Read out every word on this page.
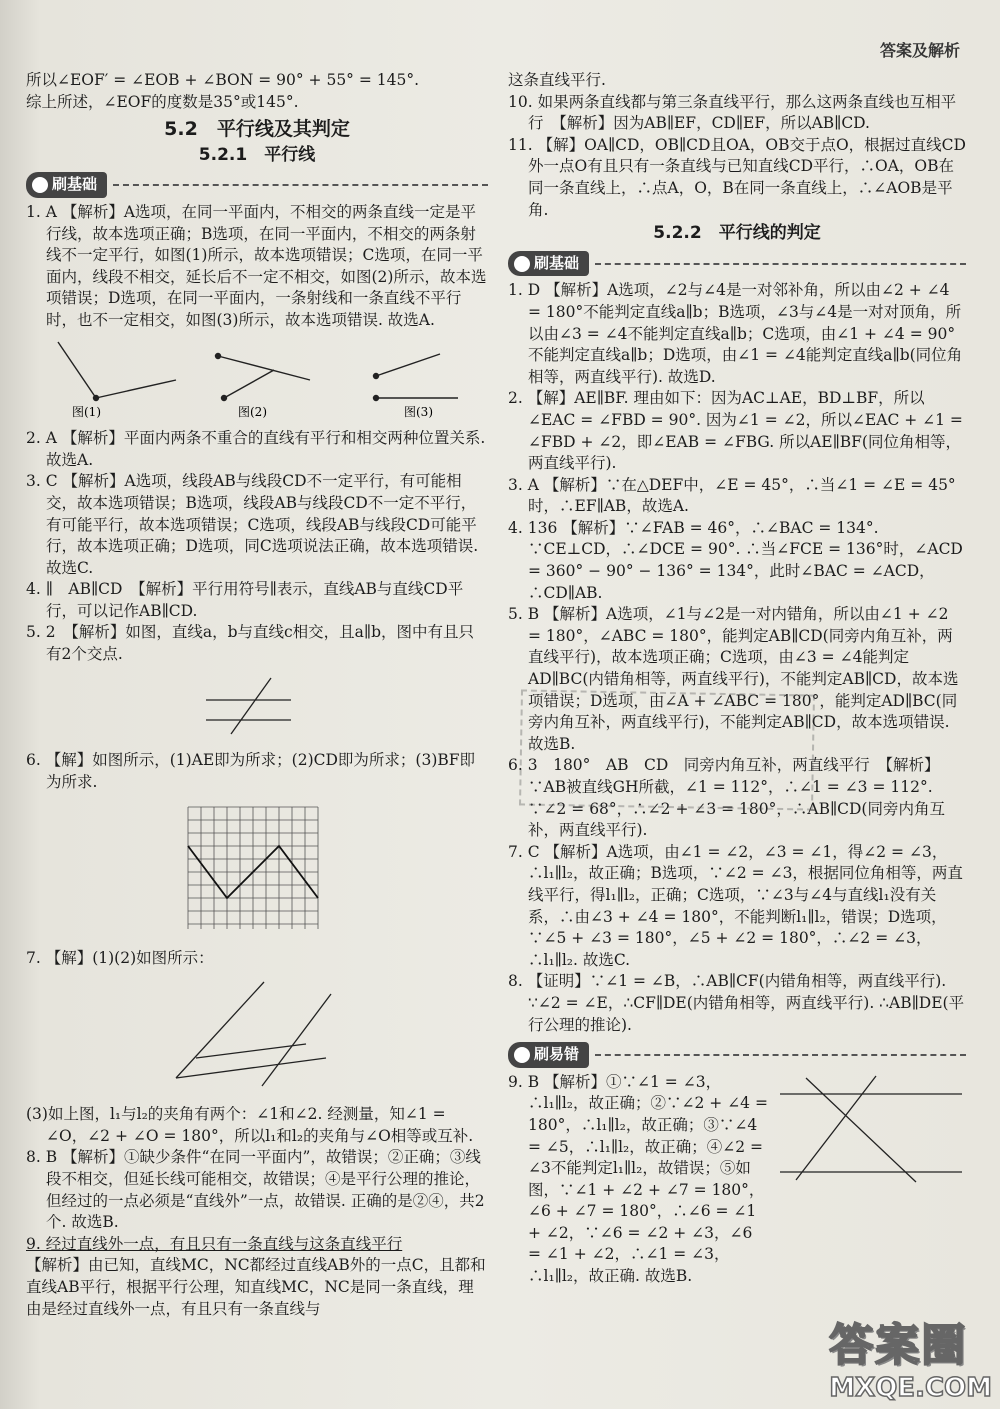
答案及解析

所以∠EOF′ = ∠EOB + ∠BON = 90° + 55° = 145°.

综上所述，∠EOF的度数是35°或145°.

5.2　平行线及其判定
5.2.1　平行线
刷基础

1. A 【解析】A选项，在同一平面内，不相交的两条直线一定是平行线，故本选项正确；B选项，在同一平面内，不相交的两条射线不一定平行，如图(1)所示，故本选项错误；C选项，在同一平面内，线段不相交，延长后不一定不相交，如图(2)所示，故本选项错误；D选项，在同一平面内，一条射线和一条直线不平行时，也不一定相交，如图(3)所示，故本选项错误. 故选A.

图(1)	图(2)	图(3)

2. A 【解析】平面内两条不重合的直线有平行和相交两种位置关系. 故选A.

3. C 【解析】A选项，线段AB与线段CD不一定平行，有可能相交，故本选项错误；B选项，线段AB与线段CD不一定不平行，有可能平行，故本选项错误；C选项，线段AB与线段CD可能平行，故本选项正确；D选项，同C选项说法正确，故本选项错误. 故选C.

4. ∥　AB∥CD　【解析】平行用符号∥表示，直线AB与直线CD平行，可以记作AB∥CD.

5. 2　【解析】如图，直线a，b与直线c相交，且a∥b，图中有且只有2个交点.

6. 【解】如图所示，(1)AE即为所求；(2)CD即为所求；(3)BF即为所求.

7. 【解】(1)(2)如图所示：

(3)如上图，l₁与l₂的夹角有两个：∠1和∠2. 经测量，知∠1 = ∠O，∠2 + ∠O = 180°，所以l₁和l₂的夹角与∠O相等或互补.

8. B 【解析】①缺少条件“在同一平面内”，故错误；②正确；③线段不相交，但延长线可能相交，故错误；④是平行公理的推论，但经过的一点必须是“直线外”一点，故错误. 正确的是②④，共2个. 故选B.

9. 经过直线外一点，有且只有一条直线与这条直线平行

【解析】由已知，直线MC，NC都经过直线AB外的一点C，且都和直线AB平行，根据平行公理，知直线MC，NC是同一条直线，理由是经过直线外一点，有且只有一条直线与

这条直线平行.

10. 如果两条直线都与第三条直线平行，那么这两条直线也互相平行　【解析】因为AB∥EF，CD∥EF，所以AB∥CD.

11. 【解】OA∥CD，OB∥CD且OA，OB交于点O，根据过直线CD外一点O有且只有一条直线与已知直线CD平行，∴OA，OB在同一条直线上，∴点A，O，B在同一条直线上，∴∠AOB是平角.

5.2.2　平行线的判定
刷基础

1. D 【解析】A选项，∠2与∠4是一对邻补角，所以由∠2 + ∠4 = 180°不能判定直线a∥b；B选项，∠3与∠4是一对对顶角，所以由∠3 = ∠4不能判定直线a∥b；C选项，由∠1 + ∠4 = 90°不能判定直线a∥b；D选项，由∠1 = ∠4能判定直线a∥b(同位角相等，两直线平行). 故选D.

2. 【解】AE∥BF. 理由如下：因为AC⊥AE，BD⊥BF，所以∠EAC = ∠FBD = 90°. 因为∠1 = ∠2，所以∠EAC + ∠1 = ∠FBD + ∠2，即∠EAB = ∠FBG. 所以AE∥BF(同位角相等，两直线平行).

3. A 【解析】∵在△DEF中，∠E = 45°，∴当∠1 = ∠E = 45°时，∴EF∥AB，故选A.

4. 136 【解析】∵∠FAB = 46°，∴∠BAC = 134°. ∵CE⊥CD，∴∠DCE = 90°. ∴当∠FCE = 136°时，∠ACD = 360° − 90° − 136° = 134°，此时∠BAC = ∠ACD，∴CD∥AB.

5. B 【解析】A选项，∠1与∠2是一对内错角，所以由∠1 + ∠2 = 180°，∠ABC = 180°，能判定AB∥CD(同旁内角互补，两直线平行)，故本选项正确；C选项，由∠3 = ∠4能判定AD∥BC(内错角相等，两直线平行)，不能判定AB∥CD，故本选项错误；D选项，由∠A + ∠ABC = 180°，能判定AD∥BC(同旁内角互补，两直线平行)，不能判定AB∥CD，故本选项错误. 故选B.

6. 3　180°　AB　CD　同旁内角互补，两直线平行　【解析】∵AB被直线GH所截，∠1 = 112°，∴∠1 = ∠3 = 112°. ∵∠2 = 68°，∴∠2 + ∠3 = 180°，∴AB∥CD(同旁内角互补，两直线平行).

7. C 【解析】A选项，由∠1 = ∠2，∠3 = ∠1，得∠2 = ∠3，∴l₁∥l₂，故正确；B选项，∵∠2 = ∠3，根据同位角相等，两直线平行，得l₁∥l₂，正确；C选项，∵∠3与∠4与直线l₁没有关系，∴由∠3 + ∠4 = 180°，不能判断l₁∥l₂，错误；D选项，∵∠5 + ∠3 = 180°，∠5 + ∠2 = 180°，∴∠2 = ∠3，∴l₁∥l₂. 故选C.

8. 【证明】∵∠1 = ∠B，∴AB∥CF(内错角相等，两直线平行). ∵∠2 = ∠E，∴CF∥DE(内错角相等，两直线平行). ∴AB∥DE(平行公理的推论).

刷易错

9. B 【解析】①∵∠1 = ∠3，∴l₁∥l₂，故正确；②∵∠2 + ∠4 = 180°，∴l₁∥l₂，故正确；③∵∠4 = ∠5，∴l₁∥l₂，故正确；④∠2 = ∠3不能判定l₁∥l₂，故错误；⑤如图，∵∠1 + ∠2 + ∠7 = 180°，∠6 + ∠7 = 180°，∴∠6 = ∠1 + ∠2，∵∠6 = ∠2 + ∠3，∠6 = ∠1 + ∠2，∴∠1 = ∠3，∴l₁∥l₂，故正确. 故选B.

答案圈
MXQE.COM
